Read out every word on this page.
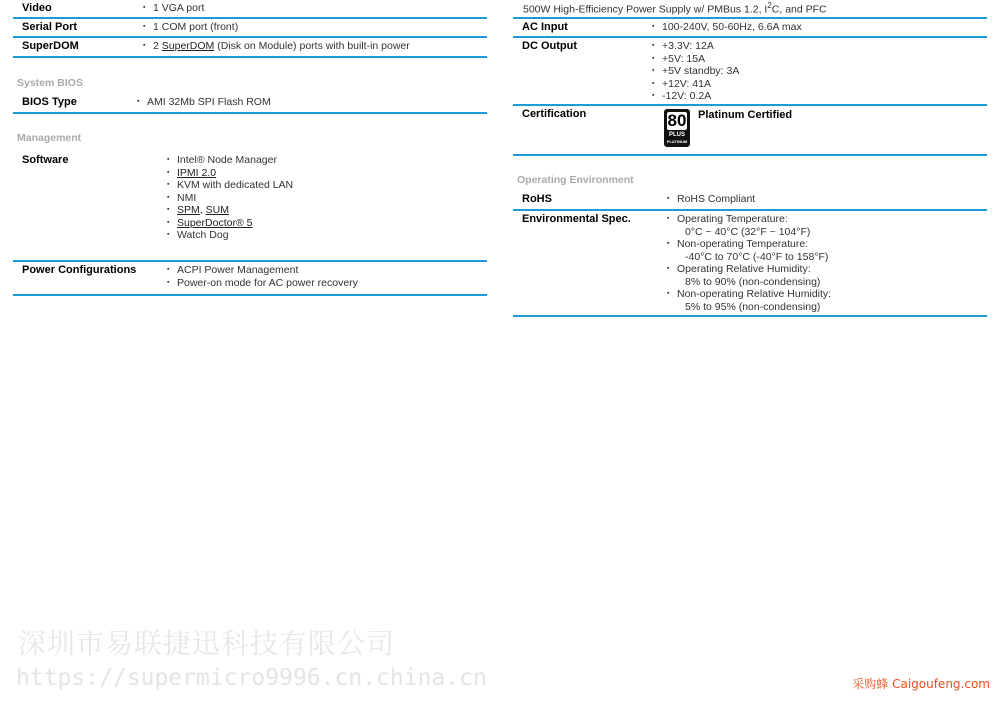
Video	▪ 1 VGA port
Serial Port	▪ 1 COM port (front)
SuperDOM	▪ 2 SuperDOM (Disk on Module) ports with built-in power
System BIOS
BIOS Type	▪ AMI 32Mb SPI Flash ROM
Management
Software	▪ Intel® Node Manager
▪ IPMI 2.0
▪ KVM with dedicated LAN
▪ NMI
▪ SPM, SUM
▪ SuperDoctor® 5
▪ Watch Dog
Power Configurations	▪ ACPI Power Management
▪ Power-on mode for AC power recovery
500W High-Efficiency Power Supply w/ PMBus 1.2, $I^2C$, and PFC
AC Input	▪ 100-240V, 50-60Hz, 6.6A max
DC Output	▪ +3.3V: 12A
▪ +5V: 15A
▪ +5V standby: 3A
▪ +12V: 41A
▪ -12V: 0.2A
Certification	80
PLUS
PLATINUM
Platinum Certified
Operating Environment
RoHS	▪ RoHS Compliant
Environmental Spec.	▪ Operating Temperature:
0°C ~ 40°C (32°F ~ 104°F)
▪ Non-operating Temperature:
-40°C to 70°C (-40°F to 158°F)
▪ Operating Relative Humidity:
8% to 90% (non-condensing)
▪ Non-operating Relative Humidity:
5% to 95% (non-condensing)
深圳市易联捷迅科技有限公司
https://supermicro9996.cn.china.cn	采购蜂 Caigoufeng.com
